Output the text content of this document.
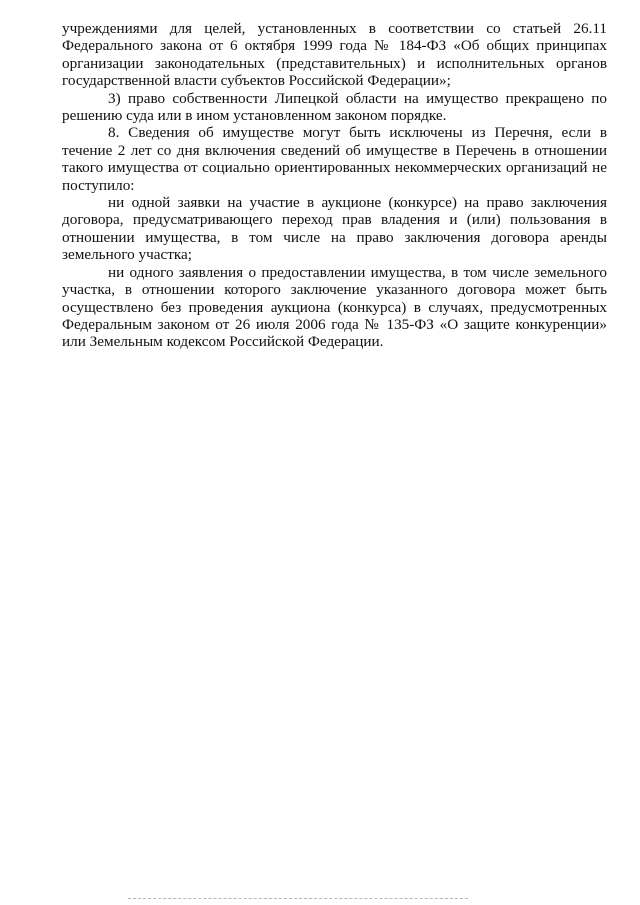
учреждениями для целей, установленных в соответствии со статьей 26.11 Федерального закона от 6 октября 1999 года № 184-ФЗ «Об общих принципах организации законодательных (представительных) и исполнительных органов государственной власти субъектов Российской Федерации»;

3) право собственности Липецкой области на имущество прекращено по решению суда или в ином установленном законом порядке.

8. Сведения об имуществе могут быть исключены из Перечня, если в течение 2 лет со дня включения сведений об имуществе в Перечень в отношении такого имущества от социально ориентированных некоммерческих организаций не поступило:

ни одной заявки на участие в аукционе (конкурсе) на право заключения договора, предусматривающего переход прав владения и (или) пользования в отношении имущества, в том числе на право заключения договора аренды земельного участка;

ни одного заявления о предоставлении имущества, в том числе земельного участка, в отношении которого заключение указанного договора может быть осуществлено без проведения аукциона (конкурса) в случаях, предусмотренных Федеральным законом от 26 июля 2006 года № 135-ФЗ «О защите конкуренции» или Земельным кодексом Российской Федерации.
